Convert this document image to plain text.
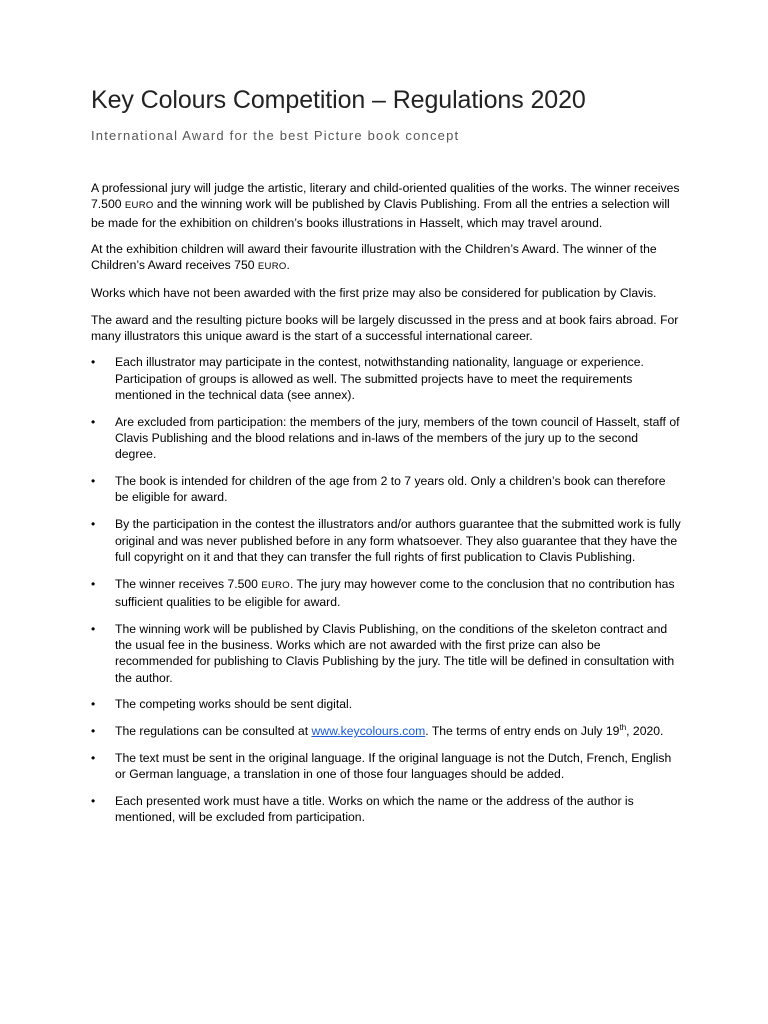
Key Colours Competition – Regulations 2020
International Award for the best Picture book concept

A professional jury will judge the artistic, literary and child-oriented qualities of the works. The winner receives 7.500 EURO and the winning work will be published by Clavis Publishing. From all the entries a selection will be made for the exhibition on children’s books illustrations in Hasselt, which may travel around.

At the exhibition children will award their favourite illustration with the Children’s Award. The winner of the Children’s Award receives 750 EURO.

Works which have not been awarded with the first prize may also be considered for publication by Clavis.

The award and the resulting picture books will be largely discussed in the press and at book fairs abroad. For many illustrators this unique award is the start of a successful international career.

• Each illustrator may participate in the contest, notwithstanding nationality, language or experience. Participation of groups is allowed as well. The submitted projects have to meet the requirements mentioned in the technical data (see annex).
• Are excluded from participation: the members of the jury, members of the town council of Hasselt, staff of Clavis Publishing and the blood relations and in-laws of the members of the jury up to the second degree.
• The book is intended for children of the age from 2 to 7 years old. Only a children’s book can therefore be eligible for award.
• By the participation in the contest the illustrators and/or authors guarantee that the submitted work is fully original and was never published before in any form whatsoever. They also guarantee that they have the full copyright on it and that they can transfer the full rights of first publication to Clavis Publishing.
• The winner receives 7.500 EURO. The jury may however come to the conclusion that no contribution has sufficient qualities to be eligible for award.
• The winning work will be published by Clavis Publishing, on the conditions of the skeleton contract and the usual fee in the business. Works which are not awarded with the first prize can also be recommended for publishing to Clavis Publishing by the jury. The title will be defined in consultation with the author.
• The competing works should be sent digital.
• The regulations can be consulted at www.keycolours.com. The terms of entry ends on July 19th, 2020.
• The text must be sent in the original language. If the original language is not the Dutch, French, English or German language, a translation in one of those four languages should be added.
• Each presented work must have a title. Works on which the name or the address of the author is mentioned, will be excluded from participation.
